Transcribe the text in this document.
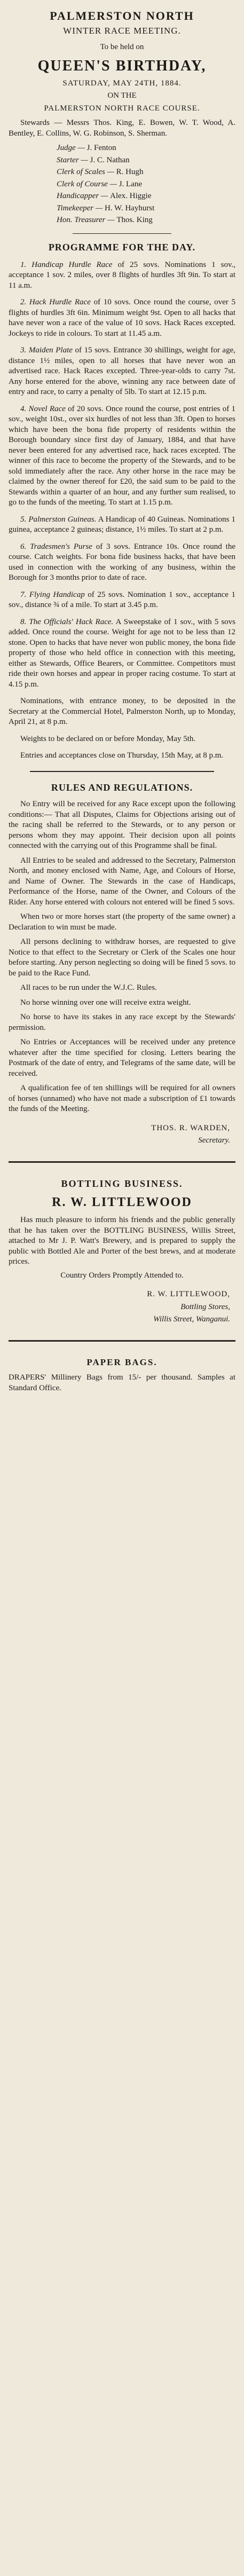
PALMERSTON NORTH
WINTER RACE MEETING.
To be held on
QUEEN'S BIRTHDAY,
SATURDAY, MAY 24TH, 1884.
ON THE
PALMERSTON NORTH RACE COURSE.

Stewards — Messrs Thos. King, E. Bowen, W. T. Wood, A. Bentley, E. Collins, W. G. Robinson, S. Sherman.

Judge — J. Fenton
Starter — J. C. Nathan
Clerk of Scales — R. Hugh
Clerk of Course — J. Lane
Handicapper — Alex. Higgie
Timekeeper — H. W. Hayhurst
Hon. Treasurer — Thos. King
PROGRAMME FOR THE DAY.

1. Handicap Hurdle Race of 25 sovs. Nominations 1 sov., acceptance 1 sov. 2 miles, over 8 flights of hurdles 3ft 9in. To start at 11 a.m.

2. Hack Hurdle Race of 10 sovs. Once round the course, over 5 flights of hurdles 3ft 6in. Minimum weight 9st. Open to all hacks that have never won a race of the value of 10 sovs. Hack Races excepted. Jockeys to ride in colours. To start at 11.45 a.m.

3. Maiden Plate of 15 sovs. Entrance 30 shillings, weight for age, distance 1½ miles, open to all horses that have never won an advertised race. Hack Races excepted. Three-year-olds to carry 7st. Any horse entered for the above, winning any race between date of entry and race, to carry a penalty of 5lb. To start at 12.15 p.m.

4. Novel Race of 20 sovs. Once round the course, post entries of 1 sov., weight 10st., over six hurdles of not less than 3ft. Open to horses which have been the bona fide property of residents within the Borough boundary since first day of January, 1884, and that have never been entered for any advertised race, hack races excepted. The winner of this race to become the property of the Stewards, and to be sold immediately after the race. Any other horse in the race may be claimed by the owner thereof for £20, the said sum to be paid to the Stewards within a quarter of an hour, and any further sum realised, to go to the funds of the meeting. To start at 1.15 p.m.

5. Palmerston Guineas. A Handicap of 40 Guineas. Nominations 1 guinea, acceptance 2 guineas; distance, 1½ miles. To start at 2 p.m.

6. Tradesmen's Purse of 3 sovs. Entrance 10s. Once round the course. Catch weights. For bona fide business hacks, that have been used in connection with the working of any business, within the Borough for 3 months prior to date of race.

7. Flying Handicap of 25 sovs. Nomination 1 sov., acceptance 1 sov., distance ¾ of a mile. To start at 3.45 p.m.

8. The Officials' Hack Race. A Sweepstake of 1 sov., with 5 sovs added. Once round the course. Weight for age not to be less than 12 stone. Open to hacks that have never won public money, the bona fide property of those who held office in connection with this meeting, either as Stewards, Office Bearers, or Committee. Competitors must ride their own horses and appear in proper racing costume. To start at 4.15 p.m.

Nominations, with entrance money, to be deposited in the Secretary at the Commercial Hotel, Palmerston North, up to Monday, April 21, at 8 p.m.

Weights to be declared on or before Monday, May 5th.

Entries and acceptances close on Thursday, 15th May, at 8 p.m.

RULES AND REGULATIONS.

No Entry will be received for any Race except upon the following conditions:— That all Disputes, Claims for Objections arising out of the racing shall be referred to the Stewards, or to any person or persons whom they may appoint. Their decision upon all points connected with the carrying out of this Programme shall be final.

All Entries to be sealed and addressed to the Secretary, Palmerston North, and money enclosed with Name, Age, and Colours of Horse, and Name of Owner. The Stewards in the case of Handicaps, Performance of the Horse, name of the Owner, and Colours of the Rider. Any horse entered with colours not entered will be fined 5 sovs.

When two or more horses start (the property of the same owner) a Declaration to win must be made.

All persons declining to withdraw horses, are requested to give Notice to that effect to the Secretary or Clerk of the Scales one hour before starting. Any person neglecting so doing will be fined 5 sovs. to be paid to the Race Fund.

All races to be run under the W.J.C. Rules.

No horse winning over one will receive extra weight.

No horse to have its stakes in any race except by the Stewards' permission.

No Entries or Acceptances will be received under any pretence whatever after the time specified for closing. Letters bearing the Postmark of the date of entry, and Telegrams of the same date, will be received.

A qualification fee of ten shillings will be required for all owners of horses (unnamed) who have not made a subscription of £1 towards the funds of the Meeting.

THOS. R. WARDEN,
Secretary.
BOTTLING BUSINESS.
R. W. LITTLEWOOD

Has much pleasure to inform his friends and the public generally that he has taken over the BOTTLING BUSINESS, Willis Street, attached to Mr J. P. Watt's Brewery, and is prepared to supply the public with Bottled Ale and Porter of the best brews, and at moderate prices.

Country Orders Promptly Attended to.
R. W. LITTLEWOOD,
Bottling Stores,
Willis Street, Wanganui.
PAPER BAGS.

DRAPERS' Millinery Bags from 15/- per thousand. Samples at Standard Office.
